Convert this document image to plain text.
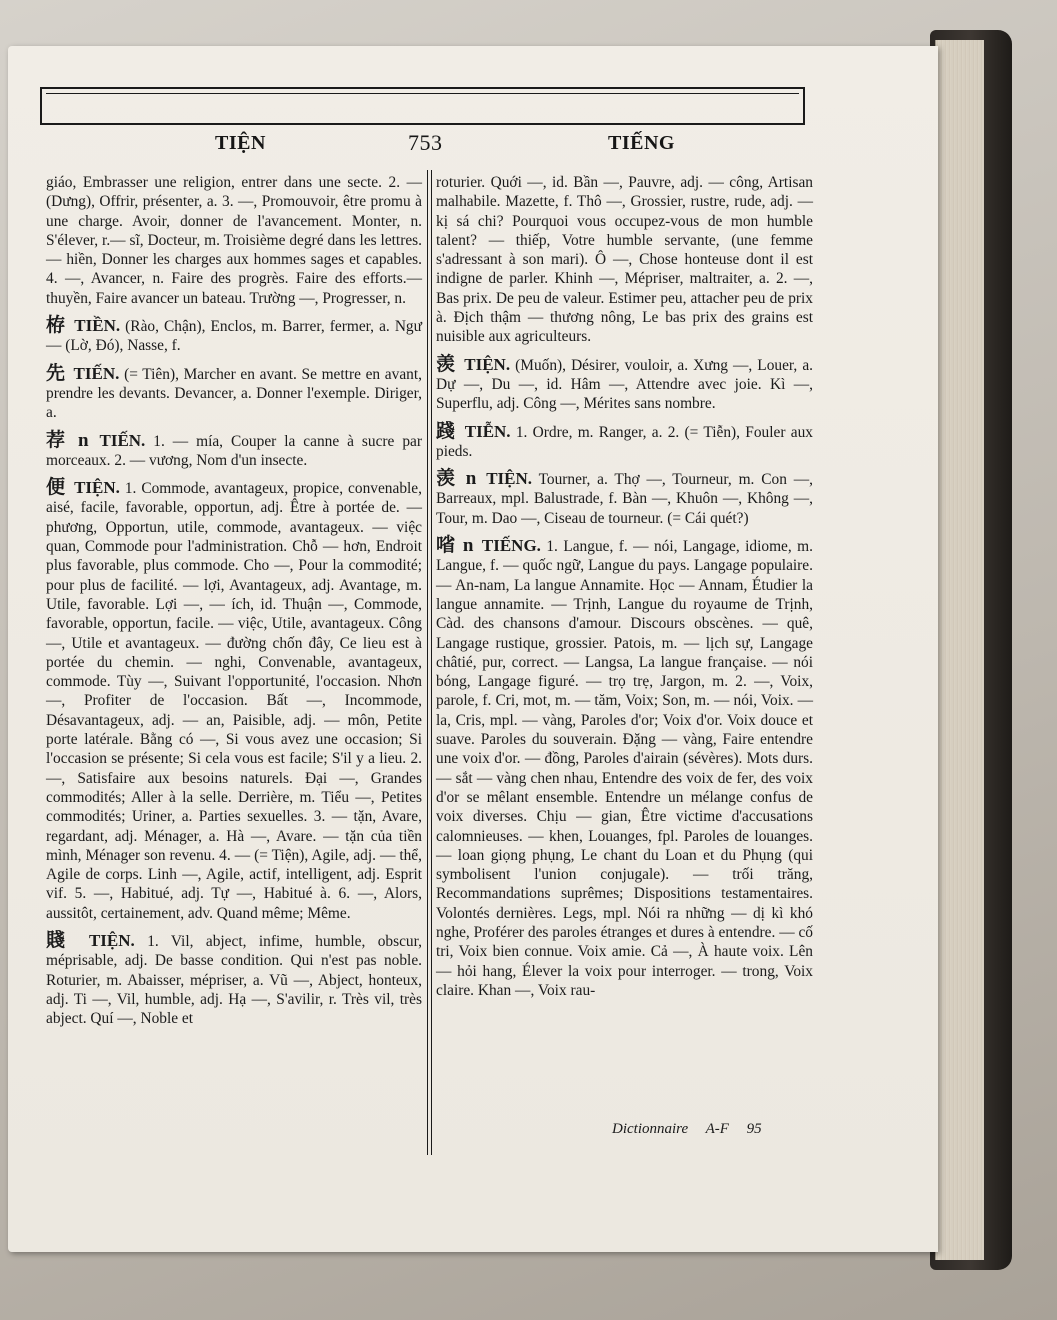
TIỆN	753	TIẾNG

giáo, Embrasser une religion, entrer dans une secte. 2. — (Dưng), Offrir, présenter, a. 3. —, Promouvoir, être promu à une charge. Avoir, donner de l'avancement. Monter, n. S'élever, r.— sĩ, Docteur, m. Troisième degré dans les lettres. — hiền, Donner les charges aux hommes sages et capables. 4. —, Avancer, n. Faire des progrès. Faire des efforts.— thuyền, Faire avancer un bateau. Trường —, Progresser, n.

栫 TIỀN. (Rào, Chận), Enclos, m. Barrer, fermer, a. Ngư — (Lờ, Đó), Nasse, f.

先 TIẾN. (= Tiên), Marcher en avant. Se mettre en avant, prendre les devants. Devancer, a. Donner l'exemple. Diriger, a.

荐 n TIẾN. 1. — mía, Couper la canne à sucre par morceaux. 2. — vương, Nom d'un insecte.

便 TIỆN. 1. Commode, avantageux, propice, convenable, aisé, facile, favorable, opportun, adj. Être à portée de. — phương, Opportun, utile, commode, avantageux. — việc quan, Commode pour l'administration. Chỗ — hơn, Endroit plus favorable, plus commode. Cho —, Pour la commodité; pour plus de facilité. — lợi, Avantageux, adj. Avantage, m. Utile, favorable. Lợi —, — ích, id. Thuận —, Commode, favorable, opportun, facile. — việc, Utile, avantageux. Công —, Utile et avantageux. — đường chốn đây, Ce lieu est à portée du chemin. — nghi, Convenable, avantageux, commode. Tùy —, Suivant l'opportunité, l'occasion. Nhơn —, Profiter de l'occasion. Bất —, Incommode, Désavantageux, adj. — an, Paisible, adj. — môn, Petite porte latérale. Bằng có —, Si vous avez une occasion; Si l'occasion se présente; Si cela vous est facile; S'il y a lieu. 2. —, Satisfaire aux besoins naturels. Đại —, Grandes commodités; Aller à la selle. Derrière, m. Tiểu —, Petites commodités; Uriner, a. Parties sexuelles. 3. — tặn, Avare, regardant, adj. Ménager, a. Hà —, Avare. — tặn của tiền mình, Ménager son revenu. 4. — (= Tiện), Agile, adj. — thể, Agile de corps. Linh —, Agile, actif, intelligent, adj. Esprit vif. 5. —, Habitué, adj. Tự —, Habitué à. 6. —, Alors, aussitôt, certainement, adv. Quand même; Même.

賤 TIỆN. 1. Vil, abject, infime, humble, obscur, méprisable, adj. De basse condition. Qui n'est pas noble. Roturier, m. Abaisser, mépriser, a. Vũ —, Abject, honteux, adj. Ti —, Vil, humble, adj. Hạ —, S'avilir, r. Très vil, très abject. Quí —, Noble et

roturier. Quới —, id. Bần —, Pauvre, adj. — công, Artisan malhabile. Mazette, f. Thô —, Grossier, rustre, rude, adj. — kị sá chi? Pourquoi vous occupez-vous de mon humble talent? — thiếp, Votre humble servante, (une femme s'adressant à son mari). Ô —, Chose honteuse dont il est indigne de parler. Khinh —, Mépriser, maltraiter, a. 2. —, Bas prix. De peu de valeur. Estimer peu, attacher peu de prix à. Địch thậm — thương nông, Le bas prix des grains est nuisible aux agriculteurs.

羡 TIỆN. (Muốn), Désirer, vouloir, a. Xưng —, Louer, a. Dự —, Du —, id. Hâm —, Attendre avec joie. Kì —, Superflu, adj. Công —, Mérites sans nombre.

踐 TIỄN. 1. Ordre, m. Ranger, a. 2. (= Tiễn), Fouler aux pieds.

羡 n TIỆN. Tourner, a. Thợ —, Tourneur, m. Con —, Barreaux, mpl. Balustrade, f. Bàn —, Khuôn —, Không —, Tour, m. Dao —, Ciseau de tourneur. (= Cái quét?)

㗂 n TIẾNG. 1. Langue, f. — nói, Langage, idiome, m. Langue, f. — quốc ngữ, Langue du pays. Langage populaire. — An-nam, La langue Annamite. Học — Annam, Étudier la langue annamite. — Trịnh, Langue du royaume de Trịnh, Càd. des chansons d'amour. Discours obscènes. — quê, Langage rustique, grossier. Patois, m. — lịch sự, Langage châtié, pur, correct. — Langsa, La langue française. — nói bóng, Langage figuré. — trọ trẹ, Jargon, m. 2. —, Voix, parole, f. Cri, mot, m. — tăm, Voix; Son, m. — nói, Voix. — la, Cris, mpl. — vàng, Paroles d'or; Voix d'or. Voix douce et suave. Paroles du souverain. Đặng — vàng, Faire entendre une voix d'or. — đồng, Paroles d'airain (sévères). Mots durs. — sắt — vàng chen nhau, Entendre des voix de fer, des voix d'or se mêlant ensemble. Entendre un mélange confus de voix diverses. Chịu — gian, Être victime d'accusations calomnieuses. — khen, Louanges, fpl. Paroles de louanges. — loan giọng phụng, Le chant du Loan et du Phụng (qui symbolisent l'union conjugale). — trối trăng, Recommandations suprêmes; Dispositions testamentaires. Volontés dernières. Legs, mpl. Nói ra những — dị kì khó nghe, Proférer des paroles étranges et dures à entendre. — cố tri, Voix bien connue. Voix amie. Cả —, À haute voix. Lên — hỏi hang, Élever la voix pour interroger. — trong, Voix claire. Khan —, Voix rau-

Dictionnaire A-F 95
